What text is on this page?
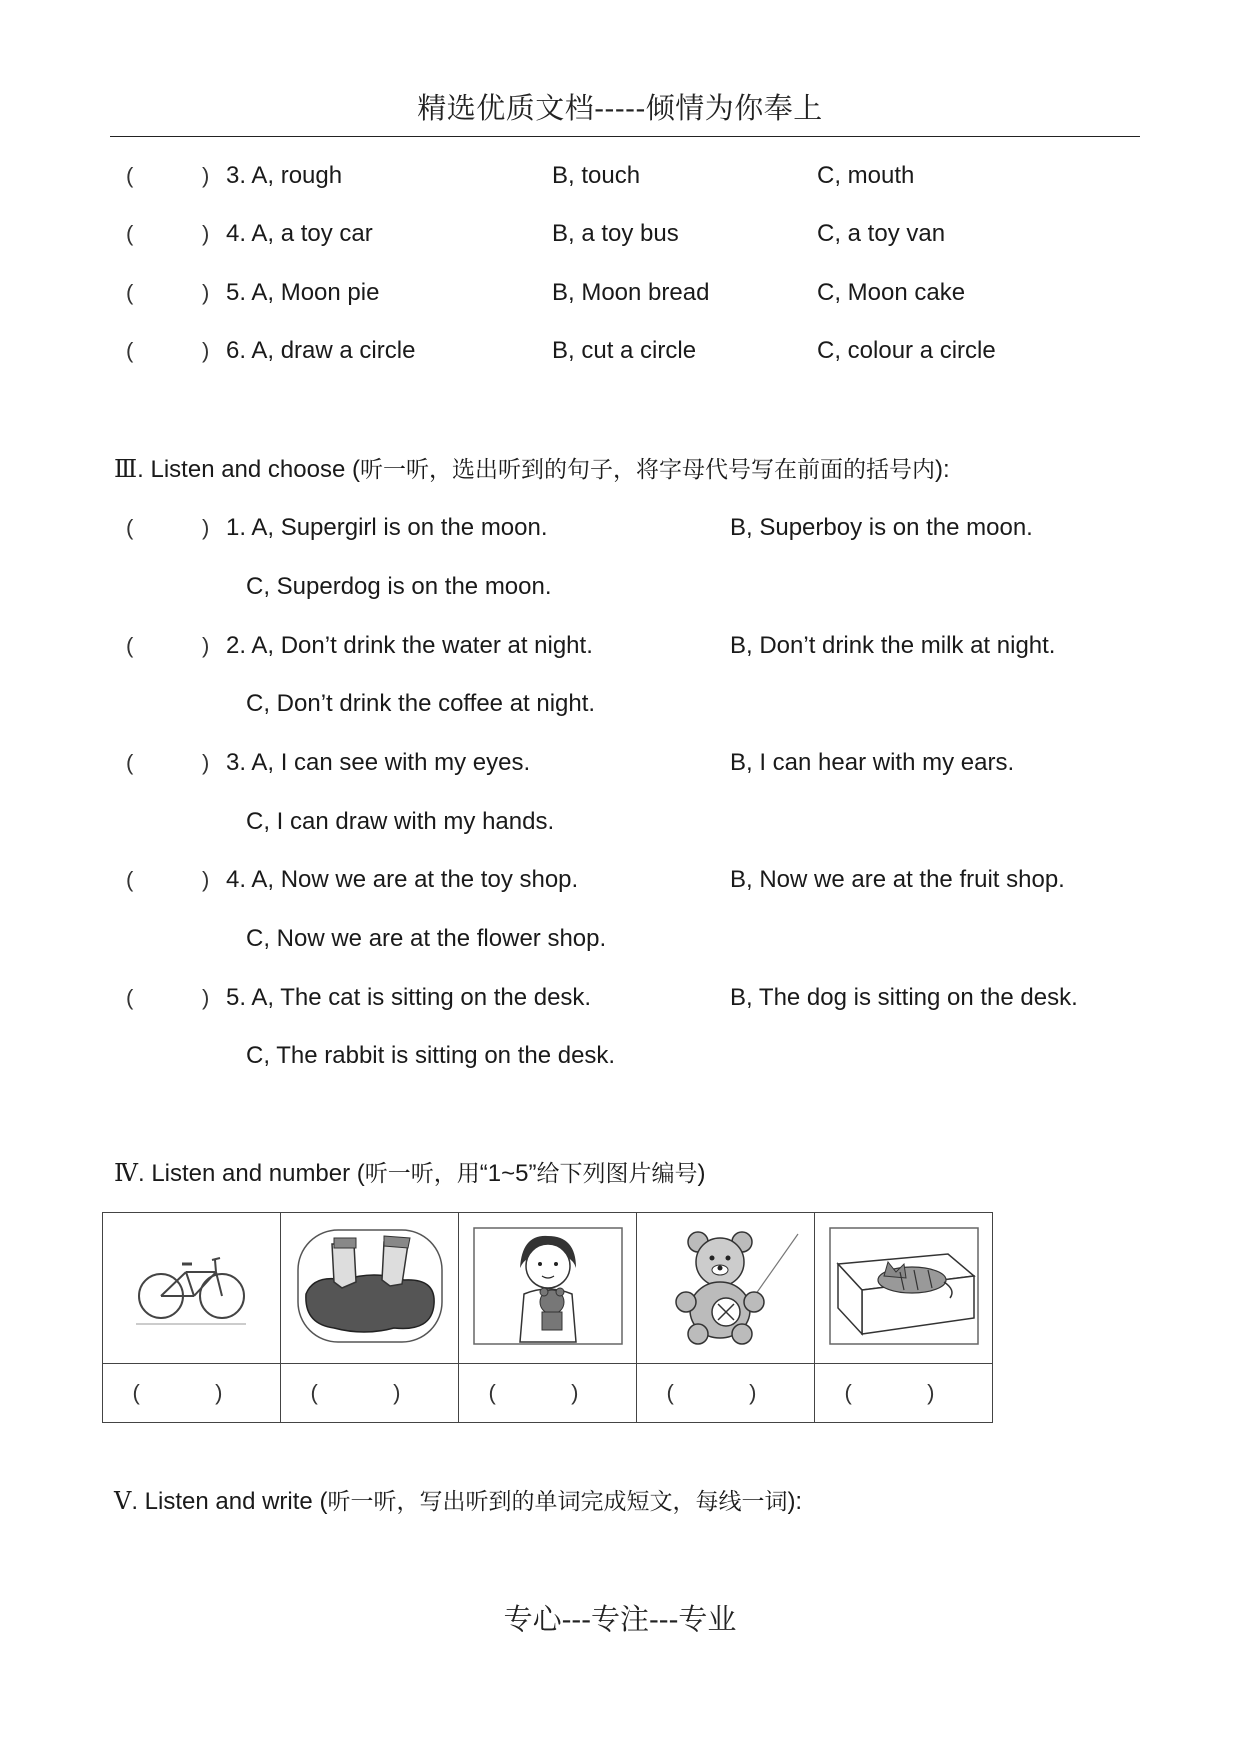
精选优质文档-----倾情为你奉上
(	) 3. A, rough	B, touch	C, mouth
(	) 4. A, a toy car	B, a toy bus	C, a toy van
(	) 5. A, Moon pie	B, Moon bread	C, Moon cake
(	) 6. A, draw a circle	B, cut a circle	C, colour a circle
Ⅲ. Listen and choose (听一听，选出听到的句子，将字母代号写在前面的括号内):
(	) 1. A, Supergirl is on the moon.	B, Superboy is on the moon.
C, Superdog is on the moon.
(	) 2. A, Don’t drink the water at night.	B, Don’t drink the milk at night.
C, Don’t drink the coffee at night.
(	) 3. A, I can see with my eyes.	B, I can hear with my ears.
C, I can draw with my hands.
(	) 4. A, Now we are at the toy shop.	B, Now we are at the fruit shop.
C, Now we are at the flower shop.
(	) 5. A, The cat is sitting on the desk.	B, The dog is sitting on the desk.
C, The rabbit is sitting on the desk.
Ⅳ. Listen and number (听一听，用“1~5”给下列图片编号)

( )	( )	( )	( )	( )
Ⅴ. Listen and write (听一听，写出听到的单词完成短文，每线一词):
专心---专注---专业
